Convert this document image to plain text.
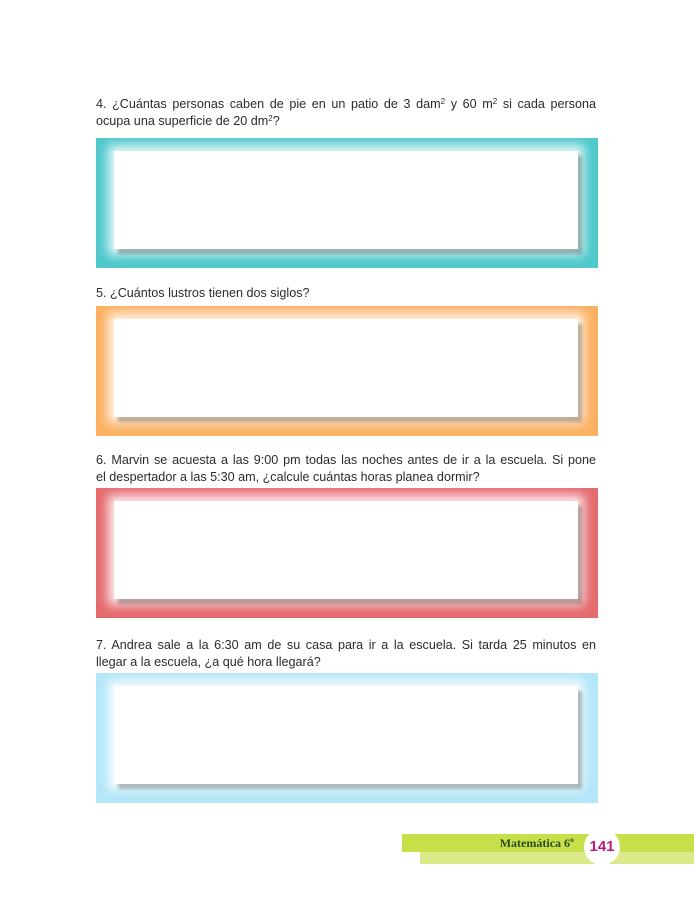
4. ¿Cuántas personas caben de pie en un patio de 3 dam$^2$ y 60 $m^2$ si cada persona
ocupa una superficie de 20 $dm^2$?

5. ¿Cuántos lustros tienen dos siglos?

6. Marvin se acuesta a las 9:00 pm todas las noches antes de ir a la escuela. Si pone
el despertador a las 5:30 am, ¿calcule cuántas horas planea dormir?

7. Andrea sale a la 6:30 am de su casa para ir a la escuela. Si tarda 25 minutos en
llegar a la escuela, ¿a qué hora llegará?

Matemática 6º	141
